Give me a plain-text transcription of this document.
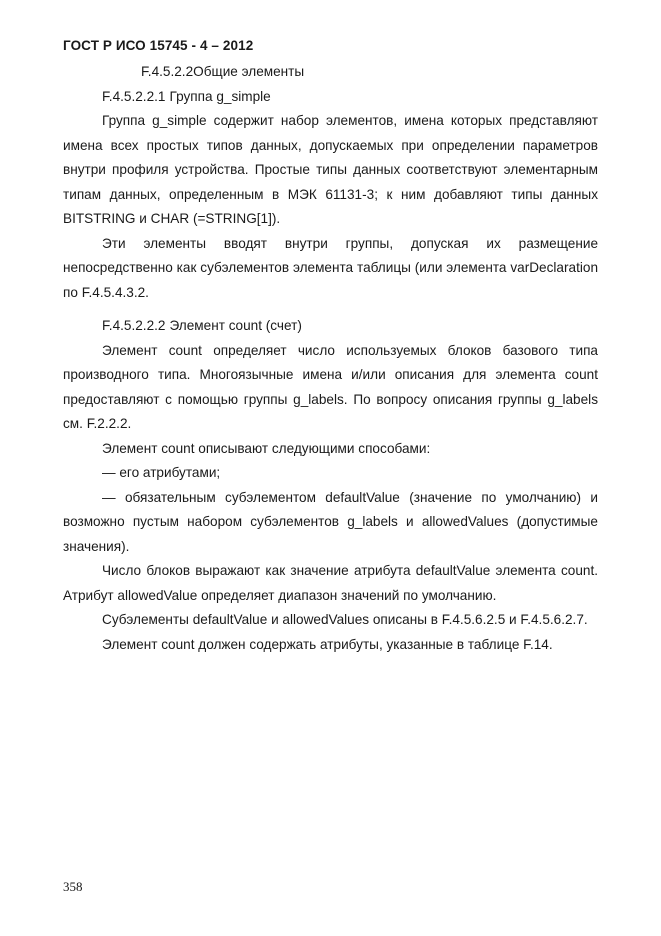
ГОСТ Р ИСО 15745 - 4 – 2012

F.4.5.2.2Общие элементы

F.4.5.2.2.1 Группа g_simple

Группа g_simple содержит набор элементов, имена которых представляют имена всех простых типов данных, допускаемых при определении параметров внутри профиля устройства. Простые типы данных соответствуют элементарным типам данных, определенным в МЭК 61131-3; к ним добавляют типы данных BITSTRING и CHAR (=STRING[1]).

Эти элементы вводят внутри группы, допуская их размещение непосредственно как субэлементов элемента таблицы (или элемента varDeclaration по F.4.5.4.3.2.

F.4.5.2.2.2 Элемент count (счет)

Элемент count определяет число используемых блоков базового типа производного типа. Многоязычные имена и/или описания для элемента count предоставляют с помощью группы g_labels. По вопросу описания группы g_labels см. F.2.2.2.

Элемент count описывают следующими способами:

— его атрибутами;

— обязательным субэлементом defaultValue (значение по умолчанию) и возможно пустым набором субэлементов g_labels и allowedValues (допустимые значения).

Число блоков выражают как значение атрибута defaultValue элемента count. Атрибут allowedValue определяет диапазон значений по умолчанию.

Субэлементы defaultValue и allowedValues описаны в F.4.5.6.2.5 и F.4.5.6.2.7.

Элемент count должен содержать атрибуты, указанные в таблице F.14.

358
